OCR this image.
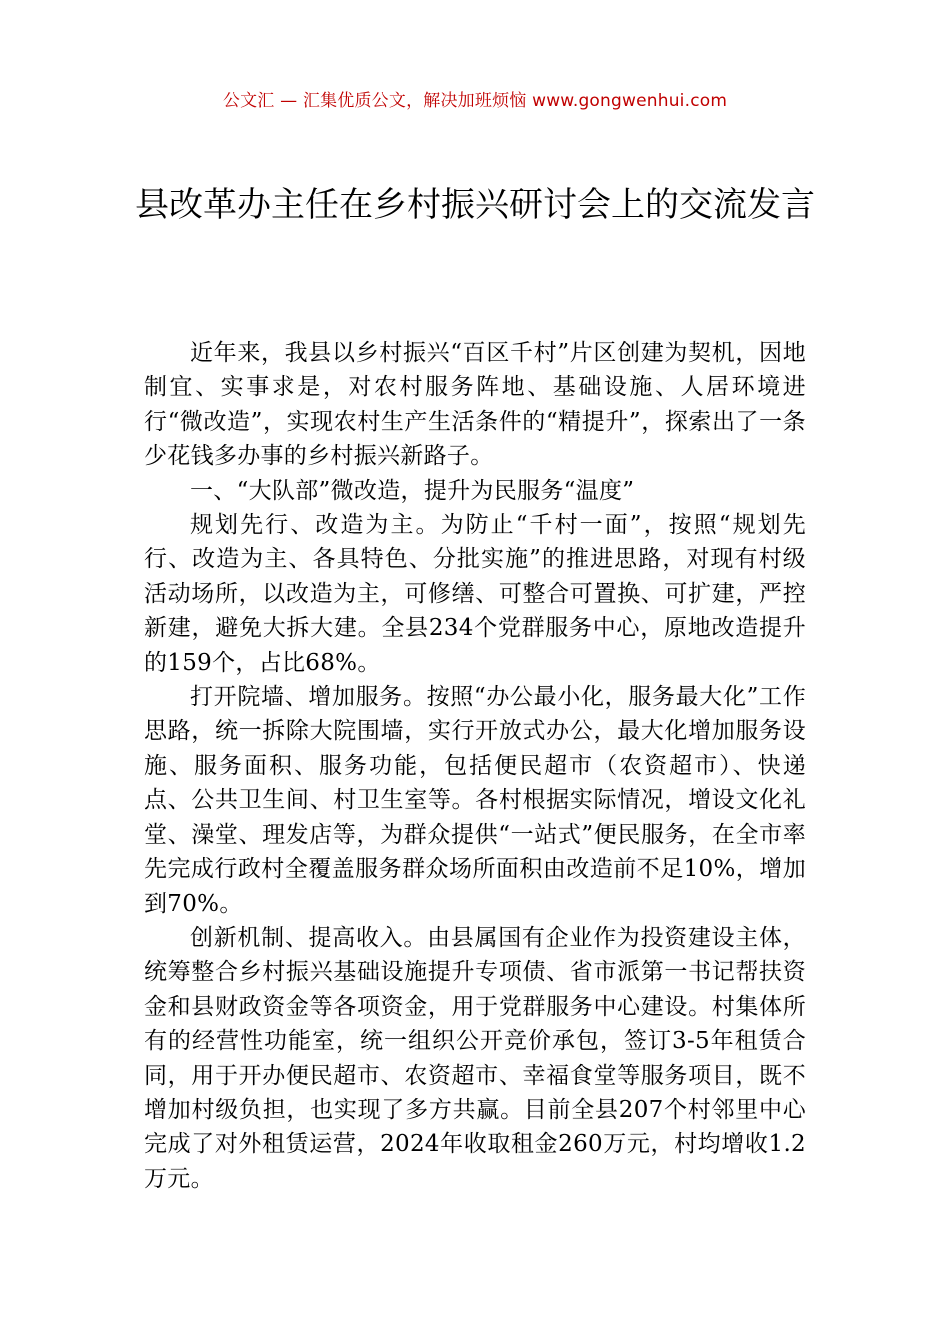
公文汇 — 汇集优质公文，解决加班烦恼 www.gongwenhui.com
县改革办主任在乡村振兴研讨会上的交流发言

近年来，我县以乡村振兴“百区千村”片区创建为契机，因地制宜、实事求是，对农村服务阵地、基础设施、人居环境进行“微改造”，实现农村生产生活条件的“精提升”，探索出了一条少花钱多办事的乡村振兴新路子。

一、“大队部”微改造，提升为民服务“温度”

规划先行、改造为主。为防止“千村一面”，按照“规划先行、改造为主、各具特色、分批实施”的推进思路，对现有村级活动场所，以改造为主，可修缮、可整合可置换、可扩建，严控新建，避免大拆大建。全县234个党群服务中心，原地改造提升的159个，占比68%。

打开院墙、增加服务。按照“办公最小化，服务最大化”工作思路，统一拆除大院围墙，实行开放式办公，最大化增加服务设施、服务面积、服务功能，包括便民超市（农资超市）、快递点、公共卫生间、村卫生室等。各村根据实际情况，增设文化礼堂、澡堂、理发店等，为群众提供“一站式”便民服务，在全市率先完成行政村全覆盖服务群众场所面积由改造前不足10%，增加到70%。

创新机制、提高收入。由县属国有企业作为投资建设主体，统筹整合乡村振兴基础设施提升专项债、省市派第一书记帮扶资金和县财政资金等各项资金，用于党群服务中心建设。村集体所有的经营性功能室，统一组织公开竞价承包，签订3-5年租赁合同，用于开办便民超市、农资超市、幸福食堂等服务项目，既不增加村级负担，也实现了多方共赢。目前全县207个村邻里中心完成了对外租赁运营，2024年收取租金260万元，村均增收1.2万元。
